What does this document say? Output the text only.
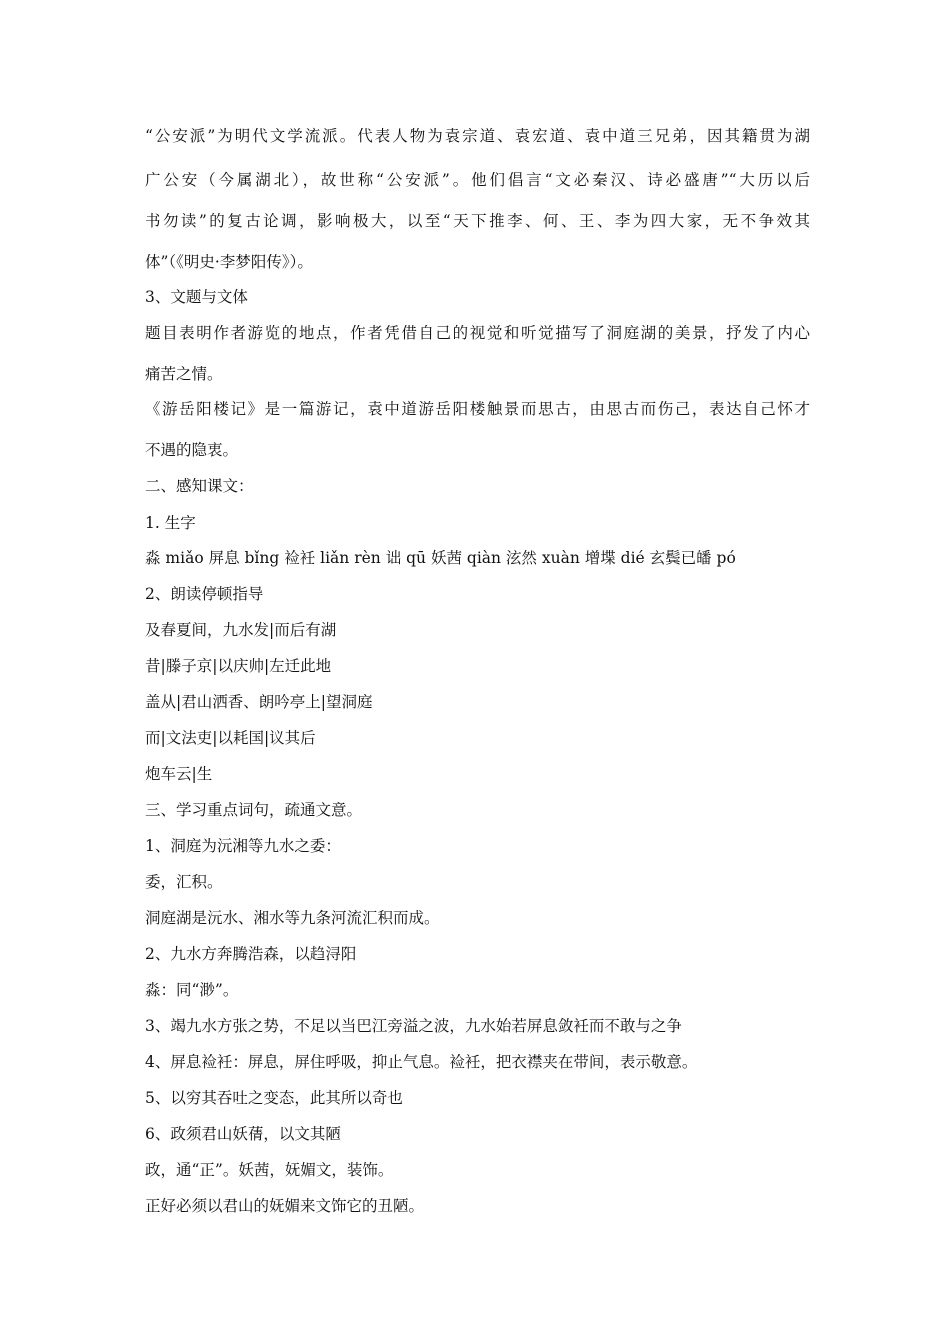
“公安派”为明代文学流派。代表人物为袁宗道、袁宏道、袁中道三兄弟，因其籍贯为湖
广公安（今属湖北），故世称“公安派”。他们倡言“文必秦汉、诗必盛唐”“大历以后
书勿读”的复古论调，影响极大，以至“天下推李、何、王、李为四大家，无不争效其
体”（《明史·李梦阳传》）。
3、文题与文体
题目表明作者游览的地点，作者凭借自己的视觉和听觉描写了洞庭湖的美景，抒发了内心
痛苦之情。
《游岳阳楼记》是一篇游记，袁中道游岳阳楼触景而思古，由思古而伤己，表达自己怀才
不遇的隐衷。
二、感知课文：
1. 生字
淼 miǎo 屏息 bǐng 裣衽 liǎn rèn 诎 qū 妖茜 qiàn 泫然 xuàn 增堞 dié 玄鬓已皤 pó
2、朗读停顿指导
及春夏间，九水发|而后有湖
昔|滕子京|以庆帅|左迁此地
盖从|君山洒香、朗吟亭上|望洞庭
而|文法吏|以耗国|议其后
炮车云|生
三、学习重点词句，疏通文意。
1、洞庭为沅湘等九水之委：
委，汇积。
洞庭湖是沅水、湘水等九条河流汇积而成。
2、九水方奔腾浩森，以趋浔阳
淼：同“渺”。
3、竭九水方张之势，不足以当巴江旁溢之波，九水始若屏息敛衽而不敢与之争
4、屏息裣衽：屏息，屏住呼吸，抑止气息。裣衽，把衣襟夹在带间，表示敬意。
5、以穷其吞吐之变态，此其所以奇也
6、政须君山妖蒨，以文其陋
政，通“正”。妖茜，妩媚文，装饰。
正好必须以君山的妩媚来文饰它的丑陋。
